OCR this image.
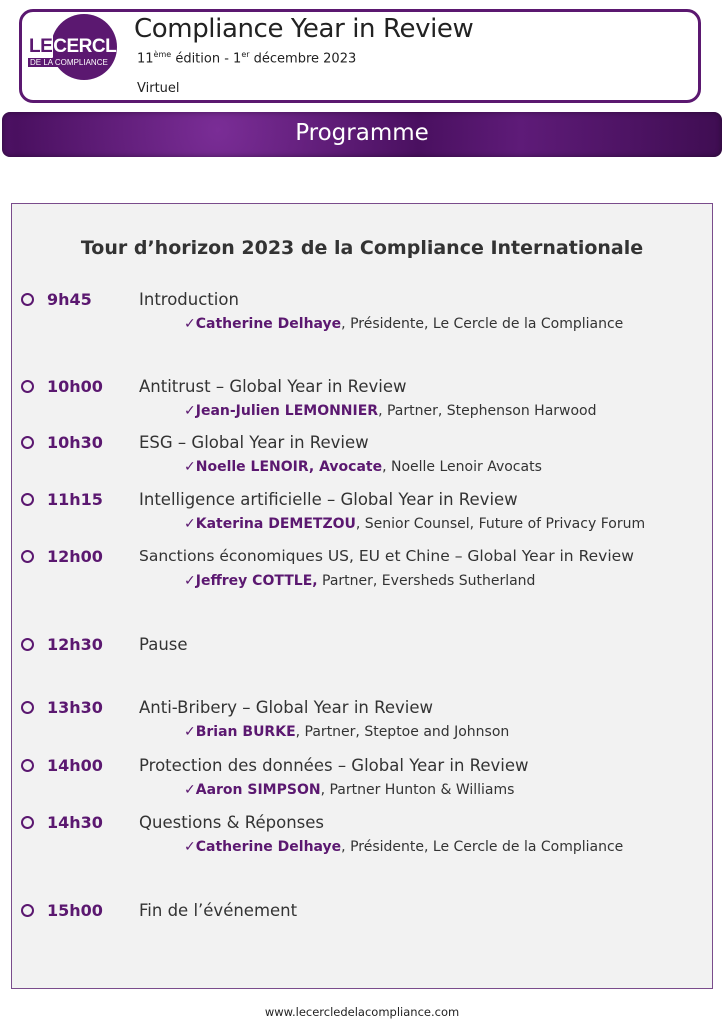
LECERCLE
DE LA COMPLIANCE
Compliance Year in Review
11ème édition - 1er décembre 2023
Virtuel
Programme
Tour d’horizon 2023 de la Compliance Internationale
9h45	Introduction
✓Catherine Delhaye, Présidente, Le Cercle de la Compliance
10h00 Antitrust – Global Year in Review
✓Jean-Julien LEMONNIER, Partner, Stephenson Harwood
10h30 ESG – Global Year in Review
✓Noelle LENOIR, Avocate, Noelle Lenoir Avocats
11h15 Intelligence artificielle – Global Year in Review
✓Katerina DEMETZOU, Senior Counsel, Future of Privacy Forum
12h00 Sanctions économiques US, EU et Chine – Global Year in Review
✓Jeffrey COTTLE, Partner, Eversheds Sutherland
12h30 Pause
13h30 Anti-Bribery – Global Year in Review
✓Brian BURKE, Partner, Steptoe and Johnson
14h00 Protection des données – Global Year in Review
✓Aaron SIMPSON, Partner Hunton & Williams
14h30 Questions & Réponses
✓Catherine Delhaye, Présidente, Le Cercle de la Compliance
15h00 Fin de l’événement
www.lecercledelacompliance.com
